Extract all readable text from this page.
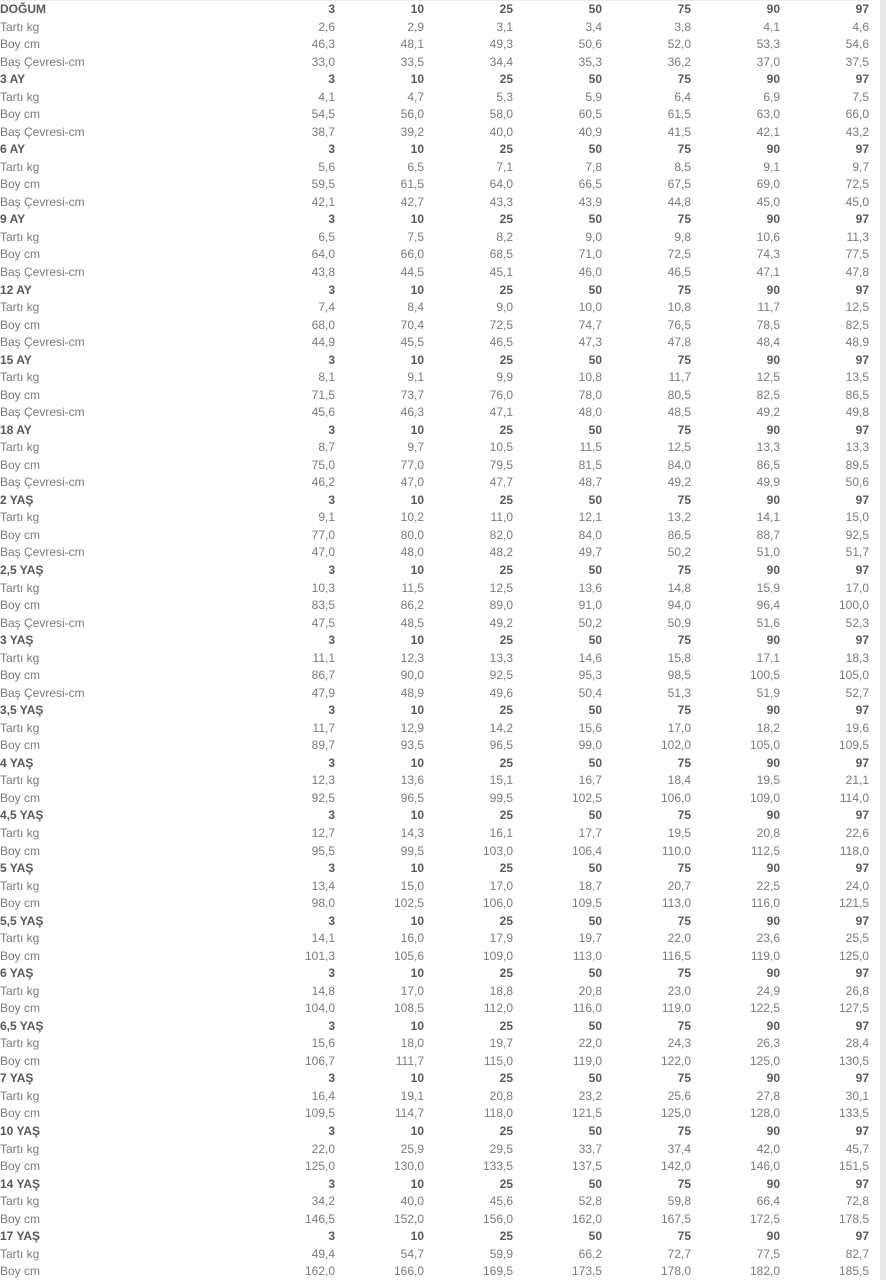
DOĞUM	3	10	25	50	75	90	97
Tartı kg	2,6	2,9	3,1	3,4	3,8	4,1	4,6
Boy cm	46,3	48,1	49,3	50,6	52,0	53,3	54,6
Baş Çevresi-cm	33,0	33,5	34,4	35,3	36,2	37,0	37,5
3 AY	3	10	25	50	75	90	97
Tartı kg	4,1	4,7	5,3	5,9	6,4	6,9	7,5
Boy cm	54,5	56,0	58,0	60,5	61,5	63,0	66,0
Baş Çevresi-cm	38,7	39,2	40,0	40,9	41,5	42,1	43,2
6 AY	3	10	25	50	75	90	97
Tartı kg	5,6	6,5	7,1	7,8	8,5	9,1	9,7
Boy cm	59,5	61,5	64,0	66,5	67,5	69,0	72,5
Baş Çevresi-cm	42,1	42,7	43,3	43,9	44,8	45,0	45,0
9 AY	3	10	25	50	75	90	97
Tartı kg	6,5	7,5	8,2	9,0	9,8	10,6	11,3
Boy cm	64,0	66,0	68,5	71,0	72,5	74,3	77,5
Baş Çevresi-cm	43,8	44,5	45,1	46,0	46,5	47,1	47,8
12 AY	3	10	25	50	75	90	97
Tartı kg	7,4	8,4	9,0	10,0	10,8	11,7	12,5
Boy cm	68,0	70,4	72,5	74,7	76,5	78,5	82,5
Baş Çevresi-cm	44,9	45,5	46,5	47,3	47,8	48,4	48,9
15 AY	3	10	25	50	75	90	97
Tartı kg	8,1	9,1	9,9	10,8	11,7	12,5	13,5
Boy cm	71,5	73,7	76,0	78,0	80,5	82,5	86,5
Baş Çevresi-cm	45,6	46,3	47,1	48,0	48,5	49,2	49,8
18 AY	3	10	25	50	75	90	97
Tartı kg	8,7	9,7	10,5	11,5	12,5	13,3	13,3
Boy cm	75,0	77,0	79,5	81,5	84,0	86,5	89,5
Baş Çevresi-cm	46,2	47,0	47,7	48,7	49,2	49,9	50,6
2 YAŞ	3	10	25	50	75	90	97
Tartı kg	9,1	10,2	11,0	12,1	13,2	14,1	15,0
Boy cm	77,0	80,0	82,0	84,0	86,5	88,7	92,5
Baş Çevresi-cm	47,0	48,0	48,2	49,7	50,2	51,0	51,7
2,5 YAŞ	3	10	25	50	75	90	97
Tartı kg	10,3	11,5	12,5	13,6	14,8	15,9	17,0
Boy cm	83,5	86,2	89,0	91,0	94,0	96,4	100,0
Baş Çevresi-cm	47,5	48,5	49,2	50,2	50,9	51,6	52,3
3 YAŞ	3	10	25	50	75	90	97
Tartı kg	11,1	12,3	13,3	14,6	15,8	17,1	18,3
Boy cm	86,7	90,0	92,5	95,3	98,5	100,5	105,0
Baş Çevresi-cm	47,9	48,9	49,6	50,4	51,3	51,9	52,7
3,5 YAŞ	3	10	25	50	75	90	97
Tartı kg	11,7	12,9	14,2	15,6	17,0	18,2	19,6
Boy cm	89,7	93,5	96,5	99,0	102,0	105,0	109,5
4 YAŞ	3	10	25	50	75	90	97
Tartı kg	12,3	13,6	15,1	16,7	18,4	19,5	21,1
Boy cm	92,5	96,5	99,5	102,5	106,0	109,0	114,0
4,5 YAŞ	3	10	25	50	75	90	97
Tartı kg	12,7	14,3	16,1	17,7	19,5	20,8	22,6
Boy cm	95,5	99,5	103,0	106,4	110,0	112,5	118,0
5 YAŞ	3	10	25	50	75	90	97
Tartı kg	13,4	15,0	17,0	18,7	20,7	22,5	24,0
Boy cm	98,0	102,5	106,0	109,5	113,0	116,0	121,5
5,5 YAŞ	3	10	25	50	75	90	97
Tartı kg	14,1	16,0	17,9	19,7	22,0	23,6	25,5
Boy cm	101,3	105,6	109,0	113,0	116,5	119,0	125,0
6 YAŞ	3	10	25	50	75	90	97
Tartı kg	14,8	17,0	18,8	20,8	23,0	24,9	26,8
Boy cm	104,0	108,5	112,0	116,0	119,0	122,5	127,5
6,5 YAŞ	3	10	25	50	75	90	97
Tartı kg	15,6	18,0	19,7	22,0	24,3	26,3	28,4
Boy cm	106,7	111,7	115,0	119,0	122,0	125,0	130,5
7 YAŞ	3	10	25	50	75	90	97
Tartı kg	16,4	19,1	20,8	23,2	25,6	27,8	30,1
Boy cm	109,5	114,7	118,0	121,5	125,0	128,0	133,5
10 YAŞ	3	10	25	50	75	90	97
Tartı kg	22,0	25,9	29,5	33,7	37,4	42,0	45,7
Boy cm	125,0	130,0	133,5	137,5	142,0	146,0	151,5
14 YAŞ	3	10	25	50	75	90	97
Tartı kg	34,2	40,0	45,6	52,8	59,8	66,4	72,8
Boy cm	146,5	152,0	156,0	162,0	167,5	172,5	178,5
17 YAŞ	3	10	25	50	75	90	97
Tartı kg	49,4	54,7	59,9	66,2	72,7	77,5	82,7
Boy cm	162,0	166,0	169,5	173,5	178,0	182,0	185,5
